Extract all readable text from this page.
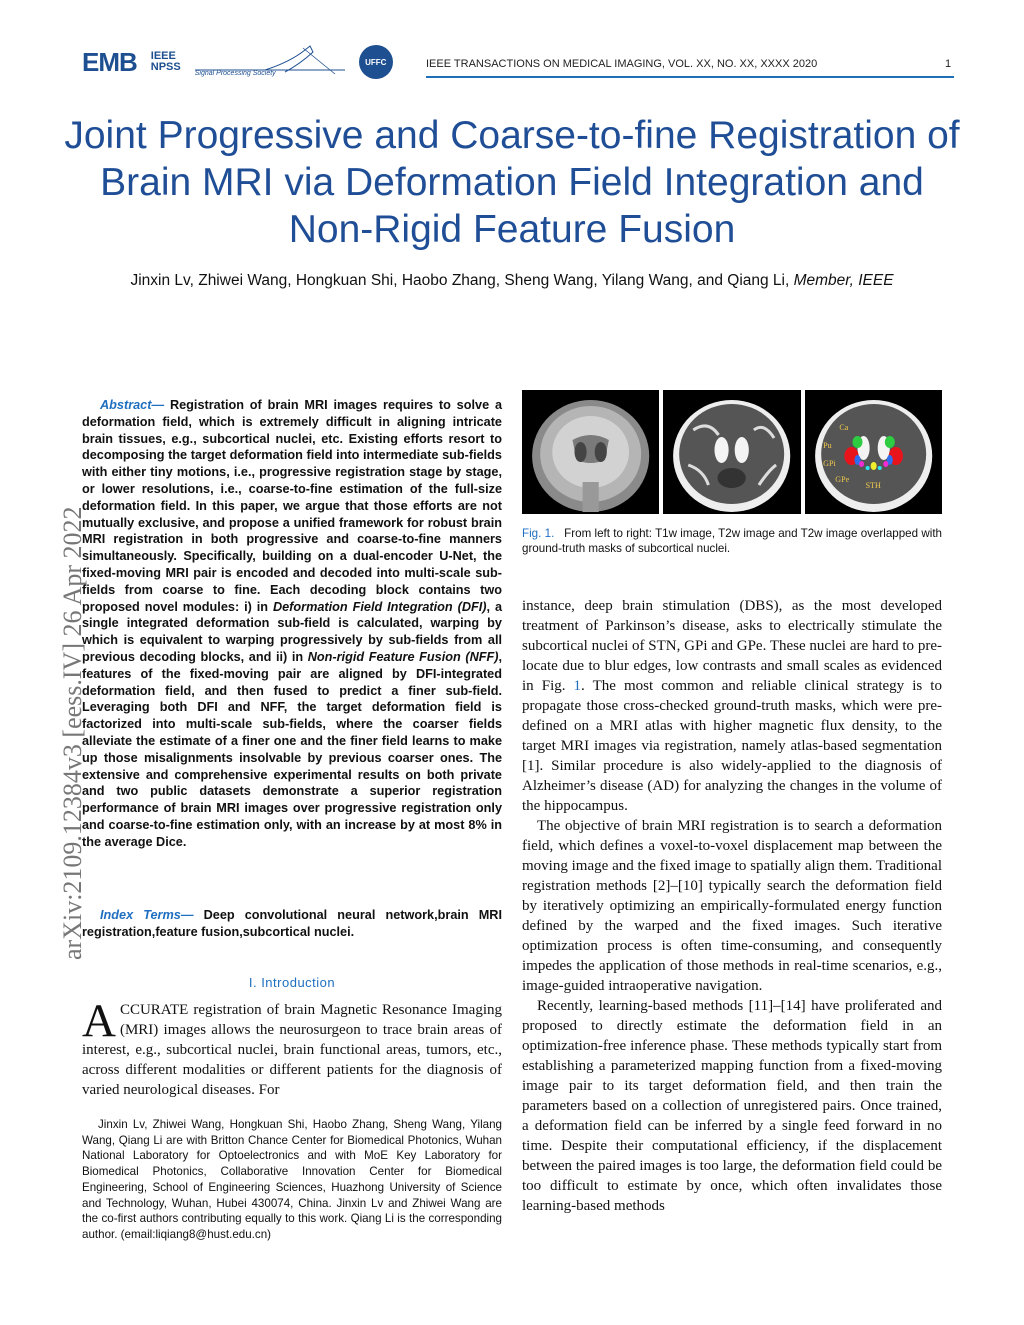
EMB IEEE
NPSS
Signal Processing Society
UFFC	IEEE TRANSACTIONS ON MEDICAL IMAGING, VOL. XX, NO. XX, XXXX 2020	1
Joint Progressive and Coarse-to-fine Registration of Brain MRI via Deformation Field Integration and Non-Rigid Feature Fusion
Jinxin Lv, Zhiwei Wang, Hongkuan Shi, Haobo Zhang, Sheng Wang, Yilang Wang, and Qiang Li, Member, IEEE
arXiv:2109.12384v3 [eess.IV] 26 Apr 2022

Abstract— Registration of brain MRI images requires to solve a deformation field, which is extremely difficult in aligning intricate brain tissues, e.g., subcortical nuclei, etc. Existing efforts resort to decomposing the target deformation field into intermediate sub-fields with either tiny motions, i.e., progressive registration stage by stage, or lower resolutions, i.e., coarse-to-fine estimation of the full-size deformation field. In this paper, we argue that those efforts are not mutually exclusive, and propose a unified framework for robust brain MRI registration in both progressive and coarse-to-fine manners simultaneously. Specifically, building on a dual-encoder U-Net, the fixed-moving MRI pair is encoded and decoded into multi-scale sub-fields from coarse to fine. Each decoding block contains two proposed novel modules: i) in Deformation Field Integration (DFI), a single integrated deformation sub-field is calculated, warping by which is equivalent to warping progressively by sub-fields from all previous decoding blocks, and ii) in Non-rigid Feature Fusion (NFF), features of the fixed-moving pair are aligned by DFI-integrated deformation field, and then fused to predict a finer sub-field. Leveraging both DFI and NFF, the target deformation field is factorized into multi-scale sub-fields, where the coarser fields alleviate the estimate of a finer one and the finer field learns to make up those misalignments insolvable by previous coarser ones. The extensive and comprehensive experimental results on both private and two public datasets demonstrate a superior registration performance of brain MRI images over progressive registration only and coarse-to-fine estimation only, with an increase by at most 8% in the average Dice.

Index Terms— Deep convolutional neural network,brain MRI registration,feature fusion,subcortical nuclei.
I. Introduction
ACCURATE registration of brain Magnetic Resonance Imaging (MRI) images allows the neurosurgeon to trace brain areas of interest, e.g., subcortical nuclei, brain functional areas, tumors, etc., across different modalities or different patients for the diagnosis of varied neurological diseases. For
Jinxin Lv, Zhiwei Wang, Hongkuan Shi, Haobo Zhang, Sheng Wang, Yilang Wang, Qiang Li are with Britton Chance Center for Biomedical Photonics, Wuhan National Laboratory for Optoelectronics and with MoE Key Laboratory for Biomedical Photonics, Collaborative Innovation Center for Biomedical Engineering, School of Engineering Sciences, Huazhong University of Science and Technology, Wuhan, Hubei 430074, China. Jinxin Lv and Zhiwei Wang are the co-first authors contributing equally to this work. Qiang Li is the corresponding author. (email:liqiang8@hust.edu.cn)
Ca
Pu
GPi
GPe
STH
Fig. 1. From left to right: T1w image, T2w image and T2w image overlapped with ground-truth masks of subcortical nuclei.

instance, deep brain stimulation (DBS), as the most developed treatment of Parkinson’s disease, asks to electrically stimulate the subcortical nuclei of STN, GPi and GPe. These nuclei are hard to pre-locate due to blur edges, low contrasts and small scales as evidenced in Fig. 1. The most common and reliable clinical strategy is to propagate those cross-checked ground-truth masks, which were pre-defined on a MRI atlas with higher magnetic flux density, to the target MRI images via registration, namely atlas-based segmentation [1]. Similar procedure is also widely-applied to the diagnosis of Alzheimer’s disease (AD) for analyzing the changes in the volume of the hippocampus.

The objective of brain MRI registration is to search a deformation field, which defines a voxel-to-voxel displacement map between the moving image and the fixed image to spatially align them. Traditional registration methods [2]–[10] typically search the deformation field by iteratively optimizing an empirically-formulated energy function defined by the warped and the fixed images. Such iterative optimization process is often time-consuming, and consequently impedes the application of those methods in real-time scenarios, e.g., image-guided intraoperative navigation.

Recently, learning-based methods [11]–[14] have proliferated and proposed to directly estimate the deformation field in an optimization-free inference phase. These methods typically start from establishing a parameterized mapping function from a fixed-moving image pair to its target deformation field, and then train the parameters based on a collection of unregistered pairs. Once trained, a deformation field can be inferred by a single feed forward in no time. Despite their computational efficiency, if the displacement between the paired images is too large, the deformation field could be too difficult to estimate by once, which often invalidates those learning-based methods
